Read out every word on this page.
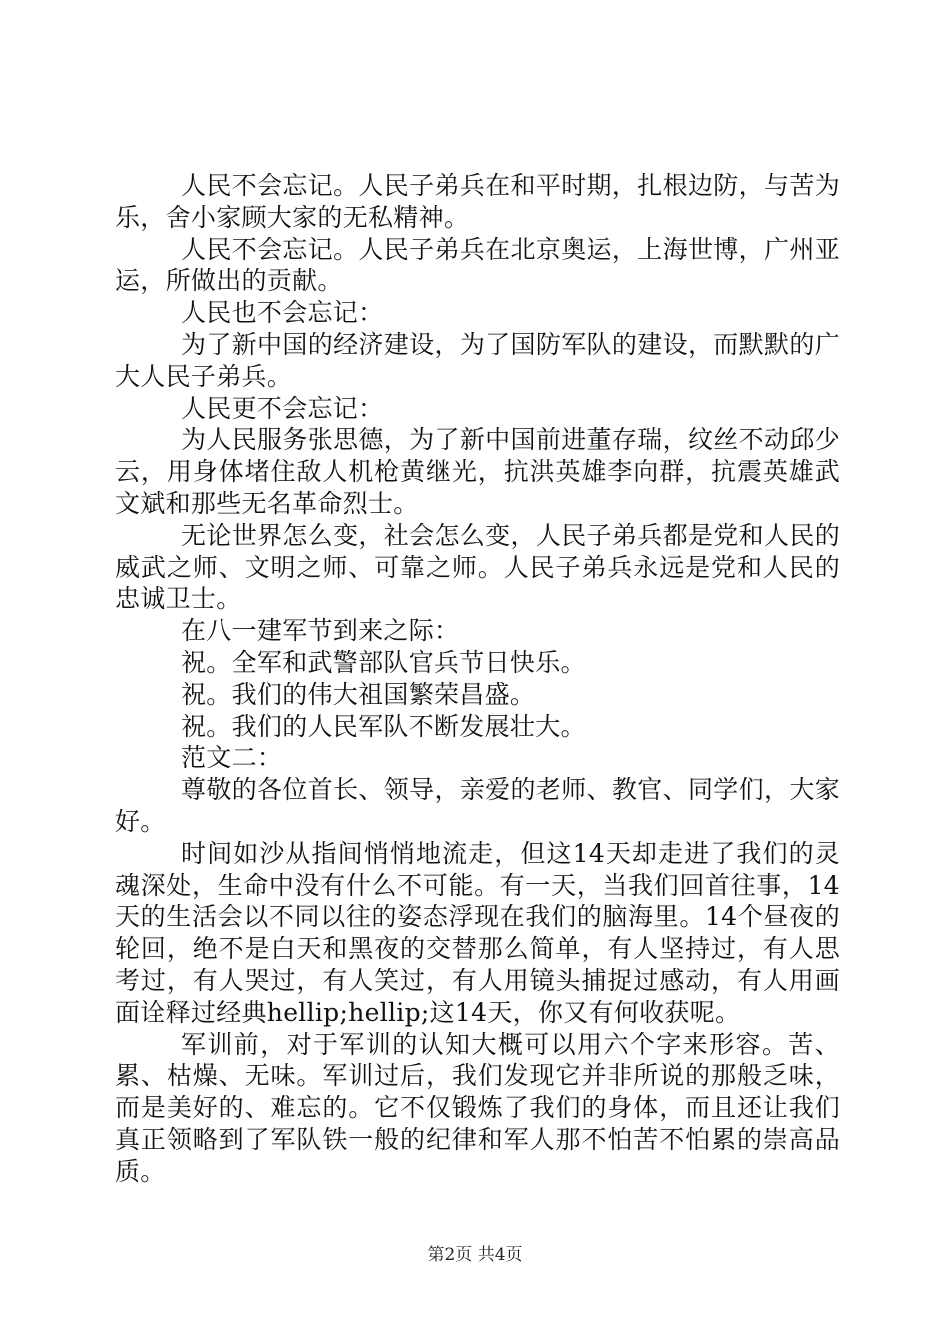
人民不会忘记。人民子弟兵在和平时期，扎根边防，与苦为乐，舍小家顾大家的无私精神。

人民不会忘记。人民子弟兵在北京奥运，上海世博，广州亚运，所做出的贡献。

人民也不会忘记：

为了新中国的经济建设，为了国防军队的建设，而默默的广大人民子弟兵。

人民更不会忘记：

为人民服务张思德，为了新中国前进董存瑞，纹丝不动邱少云，用身体堵住敌人机枪黄继光，抗洪英雄李向群，抗震英雄武文斌和那些无名革命烈士。

无论世界怎么变，社会怎么变，人民子弟兵都是党和人民的威武之师、文明之师、可靠之师。人民子弟兵永远是党和人民的忠诚卫士。

在八一建军节到来之际：

祝。全军和武警部队官兵节日快乐。

祝。我们的伟大祖国繁荣昌盛。

祝。我们的人民军队不断发展壮大。

范文二：

尊敬的各位首长、领导，亲爱的老师、教官、同学们，大家好。

时间如沙从指间悄悄地流走，但这14天却走进了我们的灵魂深处，生命中没有什么不可能。有一天，当我们回首往事，14天的生活会以不同以往的姿态浮现在我们的脑海里。14个昼夜的轮回，绝不是白天和黑夜的交替那么简单，有人坚持过，有人思考过，有人哭过，有人笑过，有人用镜头捕捉过感动，有人用画面诠释过经典hellip;hellip;这14天，你又有何收获呢。

军训前，对于军训的认知大概可以用六个字来形容。苦、累、枯燥、无味。军训过后，我们发现它并非所说的那般乏味，而是美好的、难忘的。它不仅锻炼了我们的身体，而且还让我们真正领略到了军队铁一般的纪律和军人那不怕苦不怕累的崇高品质。

第2页 共4页
